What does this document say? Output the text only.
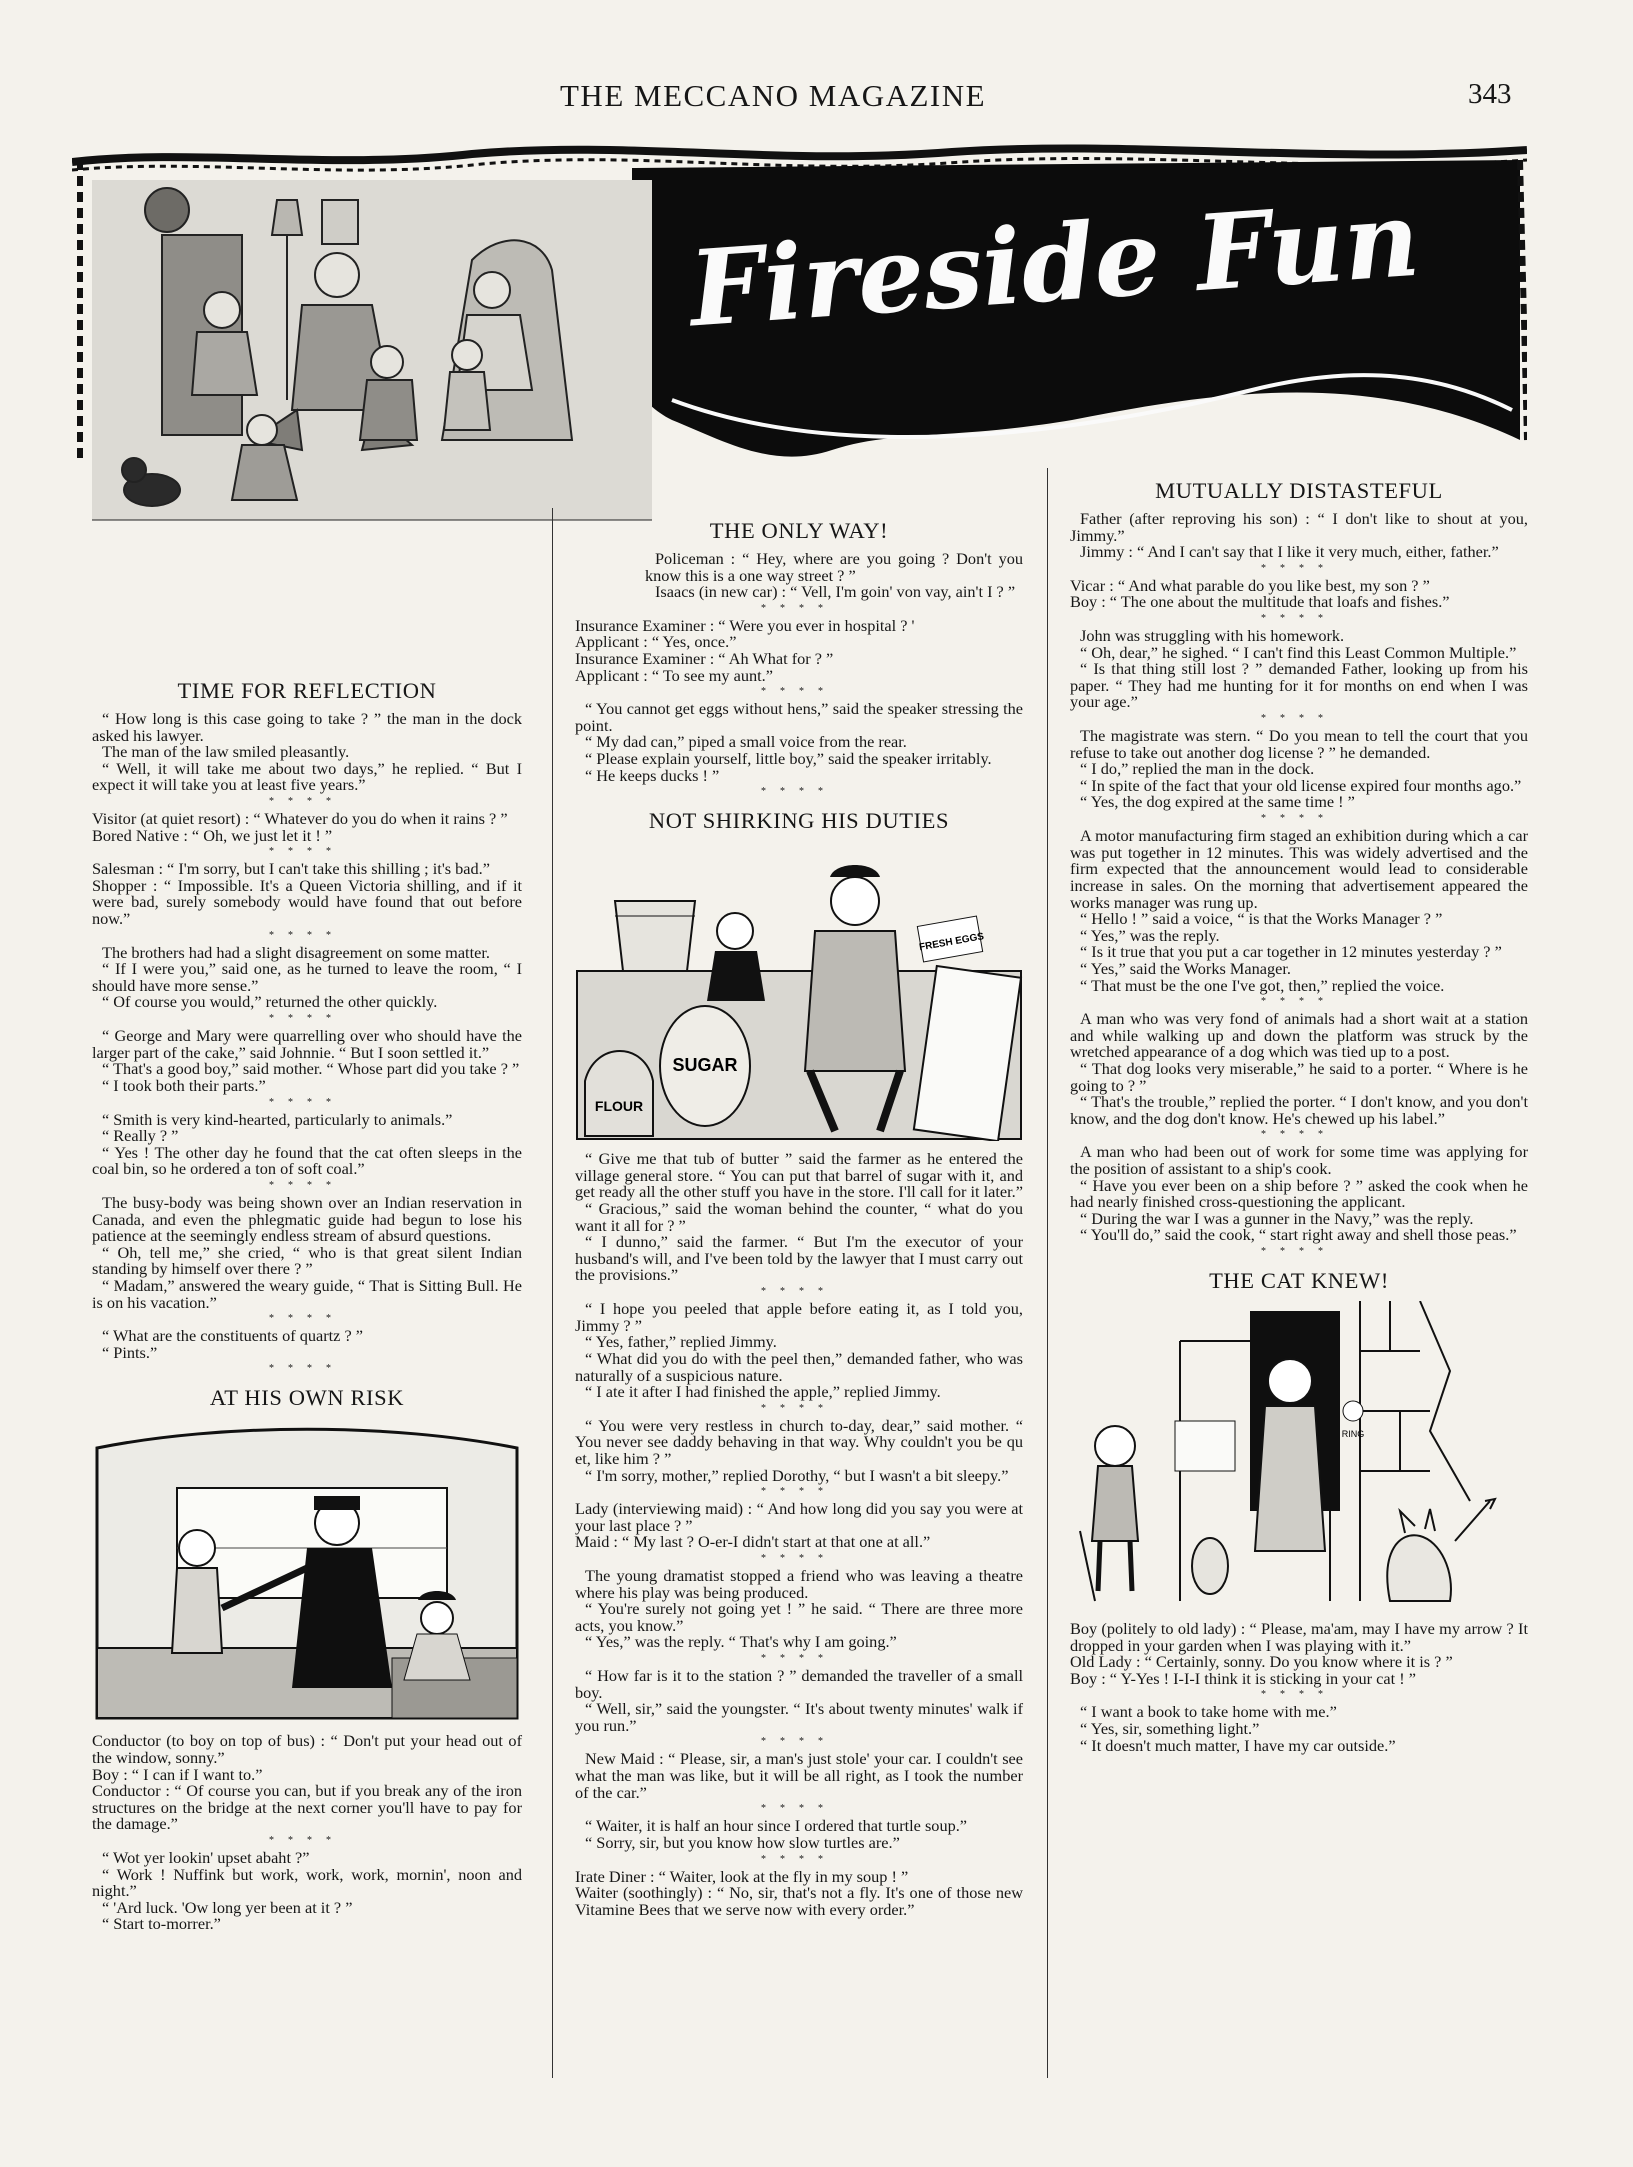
THE MECCANO MAGAZINE	343
Fireside Fun
TIME FOR REFLECTION

“ How long is this case going to take ? ” the man in the dock asked his lawyer.

The man of the law smiled pleasantly.

“ Well, it will take me about two days,” he replied. “ But I expect it will take you at least five years.”

****

Visitor (at quiet resort) : “ Whatever do you do when it rains ? ”

Bored Native : “ Oh, we just let it ! ”

****

Salesman : “ I'm sorry, but I can't take this shilling ; it's bad.”

Shopper : “ Impossible. It's a Queen Victoria shilling, and if it were bad, surely somebody would have found that out before now.”

****

The brothers had had a slight disagreement on some matter.

“ If I were you,” said one, as he turned to leave the room, “ I should have more sense.”

“ Of course you would,” returned the other quickly.

****

“ George and Mary were quarrelling over who should have the larger part of the cake,” said Johnnie. “ But I soon settled it.”

“ That's a good boy,” said mother. “ Whose part did you take ? ”

“ I took both their parts.”

****

“ Smith is very kind-hearted, particularly to animals.”

“ Really ? ”

“ Yes ! The other day he found that the cat often sleeps in the coal bin, so he ordered a ton of soft coal.”

****

The busy-body was being shown over an Indian reservation in Canada, and even the phlegmatic guide had begun to lose his patience at the seemingly endless stream of absurd questions.

“ Oh, tell me,” she cried, “ who is that great silent Indian standing by himself over there ? ”

“ Madam,” answered the weary guide, “ That is Sitting Bull. He is on his vacation.”

****

“ What are the constituents of quartz ? ”

“ Pints.”

****
AT HIS OWN RISK

Conductor (to boy on top of bus) : “ Don't put your head out of the window, sonny.”

Boy : “ I can if I want to.”

Conductor : “ Of course you can, but if you break any of the iron structures on the bridge at the next corner you'll have to pay for the damage.”

****

“ Wot yer lookin' upset abaht ?”

“ Work ! Nuffink but work, work, work, mornin', noon and night.”

“ 'Ard luck. 'Ow long yer been at it ? ”

“ Start to-morrer.”

THE ONLY WAY!

Policeman : “ Hey, where are you going ? Don't you know this is a one way street ? ”

Isaacs (in new car) : “ Vell, I'm goin' von vay, ain't I ? ”

****

Insurance Examiner : “ Were you ever in hospital ? '

Applicant : “ Yes, once.”

Insurance Examiner : “ Ah What for ? ”

Applicant : “ To see my aunt.”

****

“ You cannot get eggs without hens,” said the speaker stressing the point.

“ My dad can,” piped a small voice from the rear.

“ Please explain yourself, little boy,” said the speaker irritably.

“ He keeps ducks ! ”

****
NOT SHIRKING HIS DUTIES
SUGAR
FLOUR
FRESH EGGS

“ Give me that tub of butter ” said the farmer as he entered the village general store. “ You can put that barrel of sugar with it, and get ready all the other stuff you have in the store. I'll call for it later.”

“ Gracious,” said the woman behind the counter, “ what do you want it all for ? ”

“ I dunno,” said the farmer. “ But I'm the executor of your husband's will, and I've been told by the lawyer that I must carry out the provisions.”

****

“ I hope you peeled that apple before eating it, as I told you, Jimmy ? ”

“ Yes, father,” replied Jimmy.

“ What did you do with the peel then,” demanded father, who was naturally of a suspicious nature.

“ I ate it after I had finished the apple,” replied Jimmy.

****

“ You were very restless in church to-day, dear,” said mother. “ You never see daddy behaving in that way. Why couldn't you be qu et, like him ? ”

“ I'm sorry, mother,” replied Dorothy, “ but I wasn't a bit sleepy.”

****

Lady (interviewing maid) : “ And how long did you say you were at your last place ? ”

Maid : “ My last ? O-er-I didn't start at that one at all.”

****

The young dramatist stopped a friend who was leaving a theatre where his play was being produced.

“ You're surely not going yet ! ” he said. “ There are three more acts, you know.”

“ Yes,” was the reply. “ That's why I am going.”

****

“ How far is it to the station ? ” demanded the traveller of a small boy.

“ Well, sir,” said the youngster. “ It's about twenty minutes' walk if you run.”

****

New Maid : “ Please, sir, a man's just stole' your car. I couldn't see what the man was like, but it will be all right, as I took the number of the car.”

****

“ Waiter, it is half an hour since I ordered that turtle soup.”

“ Sorry, sir, but you know how slow turtles are.”

****

Irate Diner : “ Waiter, look at the fly in my soup ! ”

Waiter (soothingly) : “ No, sir, that's not a fly. It's one of those new Vitamine Bees that we serve now with every order.”

MUTUALLY DISTASTEFUL

Father (after reproving his son) : “ I don't like to shout at you, Jimmy.”

Jimmy : “ And I can't say that I like it very much, either, father.”

****

Vicar : “ And what parable do you like best, my son ? ”

Boy : “ The one about the multitude that loafs and fishes.”

****

John was struggling with his homework.

“ Oh, dear,” he sighed. “ I can't find this Least Common Multiple.”

“ Is that thing still lost ? ” demanded Father, looking up from his paper. “ They had me hunting for it for months on end when I was your age.”

****

The magistrate was stern. “ Do you mean to tell the court that you refuse to take out another dog license ? ” he demanded.

“ I do,” replied the man in the dock.

“ In spite of the fact that your old license expired four months ago.”

“ Yes, the dog expired at the same time ! ”

****

A motor manufacturing firm staged an exhibition during which a car was put together in 12 minutes. This was widely advertised and the firm expected that the announcement would lead to considerable increase in sales. On the morning that advertisement appeared the works manager was rung up.

“ Hello ! ” said a voice, “ is that the Works Manager ? ”

“ Yes,” was the reply.

“ Is it true that you put a car together in 12 minutes yesterday ? ”

“ Yes,” said the Works Manager.

“ That must be the one I've got, then,” replied the voice.

****

A man who was very fond of animals had a short wait at a station and while walking up and down the platform was struck by the wretched appearance of a dog which was tied up to a post.

“ That dog looks very miserable,” he said to a porter. “ Where is he going to ? ”

“ That's the trouble,” replied the porter. “ I don't know, and you don't know, and the dog don't know. He's chewed up his label.”

****

A man who had been out of work for some time was applying for the position of assistant to a ship's cook.

“ Have you ever been on a ship before ? ” asked the cook when he had nearly finished cross-questioning the applicant.

“ During the war I was a gunner in the Navy,” was the reply.

“ You'll do,” said the cook, “ start right away and shell those peas.”

****
THE CAT KNEW!
RING

Boy (politely to old lady) : “ Please, ma'am, may I have my arrow ? It dropped in your garden when I was playing with it.”

Old Lady : “ Certainly, sonny. Do you know where it is ? ”

Boy : “ Y-Yes ! I-I-I think it is sticking in your cat ! ”

****

“ I want a book to take home with me.”

“ Yes, sir, something light.”

“ It doesn't much matter, I have my car outside.”
